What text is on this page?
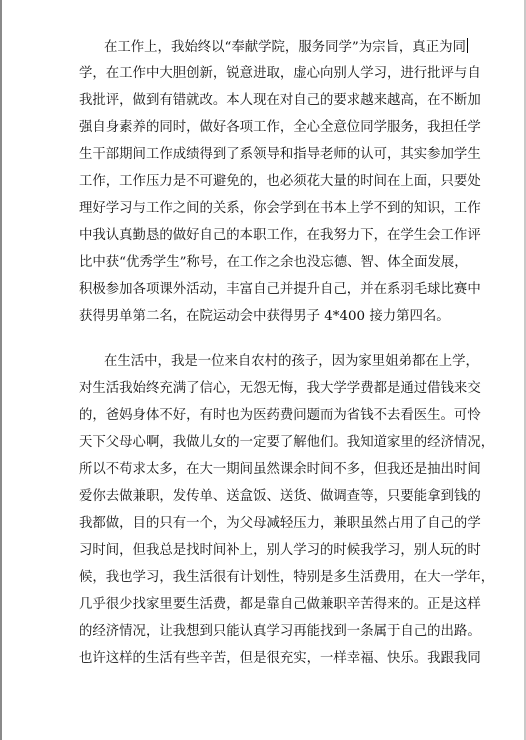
在工作上，我始终以“奉献学院，服务同学”为宗旨，真正为同
学，在工作中大胆创新，锐意进取，虚心向别人学习，进行批评与自
我批评，做到有错就改。本人现在对自己的要求越来越高，在不断加
强自身素养的同时，做好各项工作，全心全意位同学服务，我担任学
生干部期间工作成绩得到了系领导和指导老师的认可，其实参加学生
工作，工作压力是不可避免的，也必须花大量的时间在上面，只要处
理好学习与工作之间的关系，你会学到在书本上学不到的知识，工作
中我认真勤恳的做好自己的本职工作，在我努力下，在学生会工作评
比中获“优秀学生”称号，在工作之余也没忘德、智、体全面发展，
积极参加各项课外活动，丰富自己并提升自己，并在系羽毛球比赛中
获得男单第二名，在院运动会中获得男子 4*400 接力第四名。
在生活中，我是一位来自农村的孩子，因为家里姐弟都在上学，
对生活我始终充满了信心，无怨无悔，我大学学费都是通过借钱来交
的，爸妈身体不好，有时也为医药费问题而为省钱不去看医生。可怜
天下父母心啊，我做儿女的一定要了解他们。我知道家里的经济情况，
所以不苟求太多，在大一期间虽然课余时间不多，但我还是抽出时间
爱你去做兼职，发传单、送盒饭、送货、做调查等，只要能拿到钱的
我都做，目的只有一个，为父母减轻压力，兼职虽然占用了自己的学
习时间，但我总是找时间补上，别人学习的时候我学习，别人玩的时
候，我也学习，我生活很有计划性，特别是多生活费用，在大一学年，
几乎很少找家里要生活费，都是靠自己做兼职辛苦得来的。正是这样
的经济情况，让我想到只能认真学习再能找到一条属于自己的出路。
也许这样的生活有些辛苦，但是很充实，一样幸福、快乐。我跟我同
